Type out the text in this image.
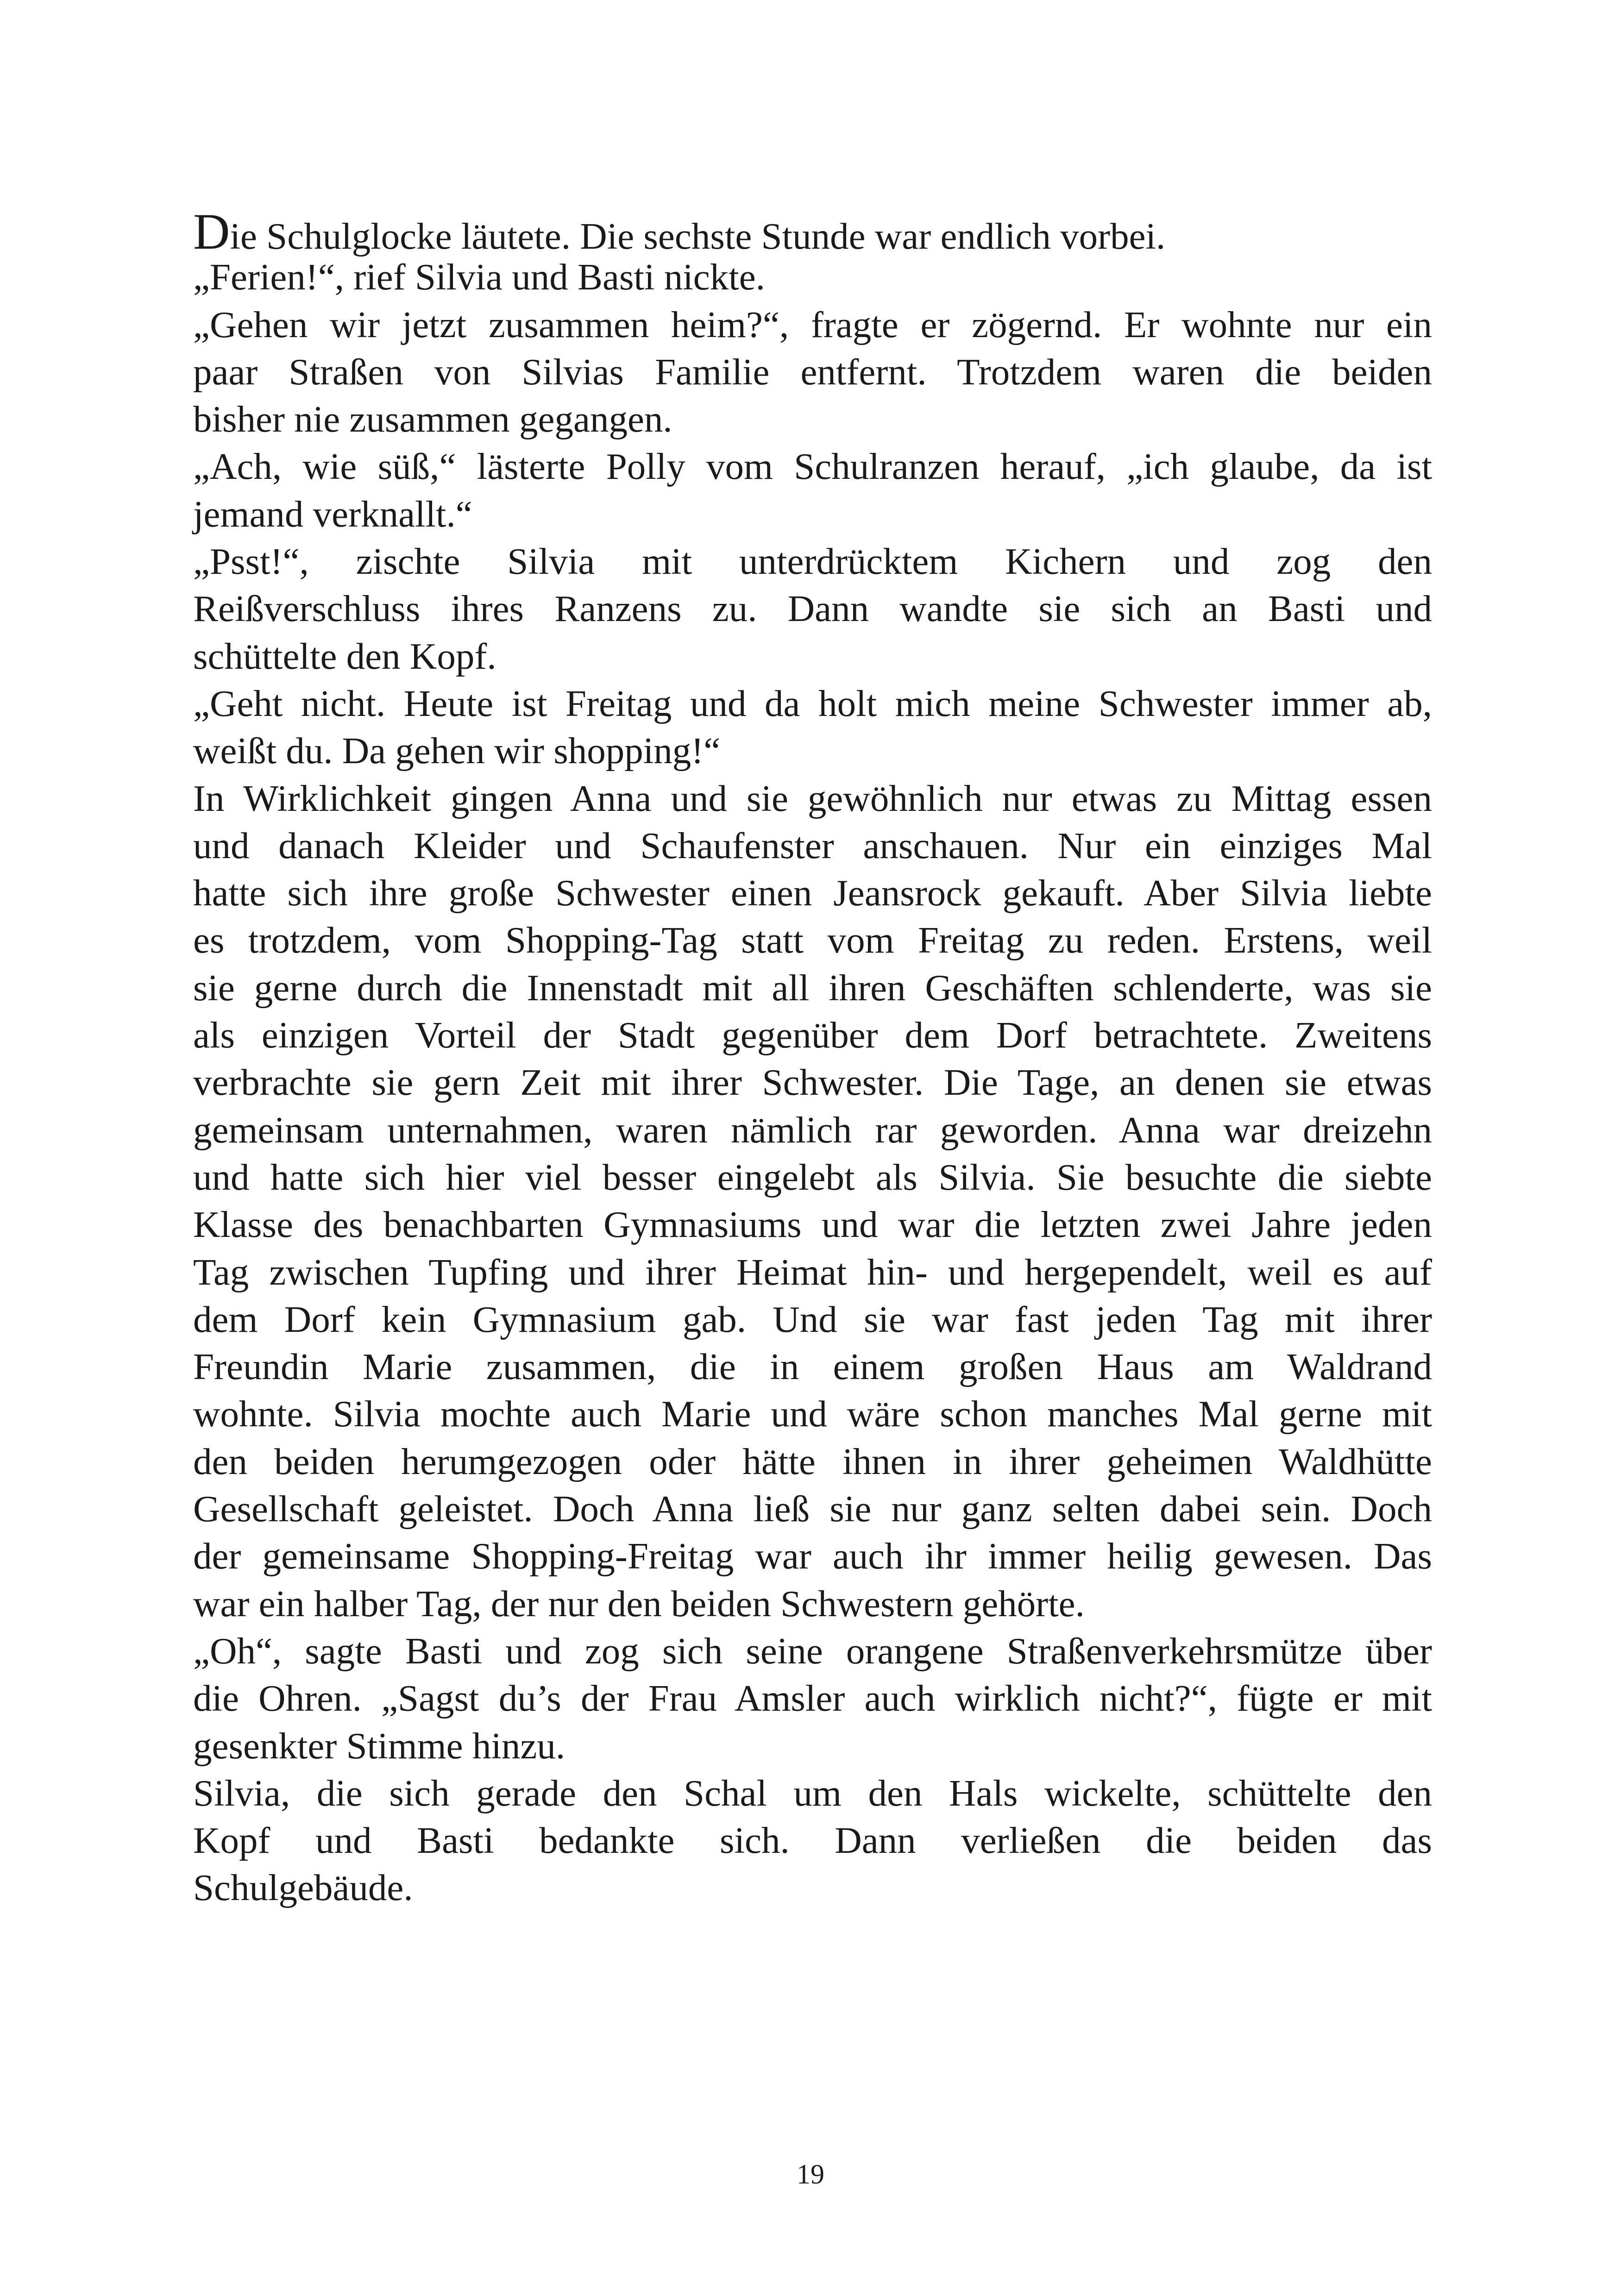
Die Schulglocke läutete. Die sechste Stunde war endlich vorbei.
„Ferien!“, rief Silvia und Basti nickte.
„Gehen wir jetzt zusammen heim?“, fragte er zögernd. Er wohnte nur ein
paar Straßen von Silvias Familie entfernt. Trotzdem waren die beiden
bisher nie zusammen gegangen.
„Ach, wie süß,“ lästerte Polly vom Schulranzen herauf, „ich glaube, da ist
jemand verknallt.“
„Psst!“, zischte Silvia mit unterdrücktem Kichern und zog den
Reißverschluss ihres Ranzens zu. Dann wandte sie sich an Basti und
schüttelte den Kopf.
„Geht nicht. Heute ist Freitag und da holt mich meine Schwester immer ab,
weißt du. Da gehen wir shopping!“
In Wirklichkeit gingen Anna und sie gewöhnlich nur etwas zu Mittag essen
und danach Kleider und Schaufenster anschauen. Nur ein einziges Mal
hatte sich ihre große Schwester einen Jeansrock gekauft. Aber Silvia liebte
es trotzdem, vom Shopping-Tag statt vom Freitag zu reden. Erstens, weil
sie gerne durch die Innenstadt mit all ihren Geschäften schlenderte, was sie
als einzigen Vorteil der Stadt gegenüber dem Dorf betrachtete. Zweitens
verbrachte sie gern Zeit mit ihrer Schwester. Die Tage, an denen sie etwas
gemeinsam unternahmen, waren nämlich rar geworden. Anna war dreizehn
und hatte sich hier viel besser eingelebt als Silvia. Sie besuchte die siebte
Klasse des benachbarten Gymnasiums und war die letzten zwei Jahre jeden
Tag zwischen Tupfing und ihrer Heimat hin- und hergependelt, weil es auf
dem Dorf kein Gymnasium gab. Und sie war fast jeden Tag mit ihrer
Freundin Marie zusammen, die in einem großen Haus am Waldrand
wohnte. Silvia mochte auch Marie und wäre schon manches Mal gerne mit
den beiden herumgezogen oder hätte ihnen in ihrer geheimen Waldhütte
Gesellschaft geleistet. Doch Anna ließ sie nur ganz selten dabei sein. Doch
der gemeinsame Shopping-Freitag war auch ihr immer heilig gewesen. Das
war ein halber Tag, der nur den beiden Schwestern gehörte.
„Oh“, sagte Basti und zog sich seine orangene Straßenverkehrsmütze über
die Ohren. „Sagst du’s der Frau Amsler auch wirklich nicht?“, fügte er mit
gesenkter Stimme hinzu.
Silvia, die sich gerade den Schal um den Hals wickelte, schüttelte den
Kopf und Basti bedankte sich. Dann verließen die beiden das
Schulgebäude.
19
